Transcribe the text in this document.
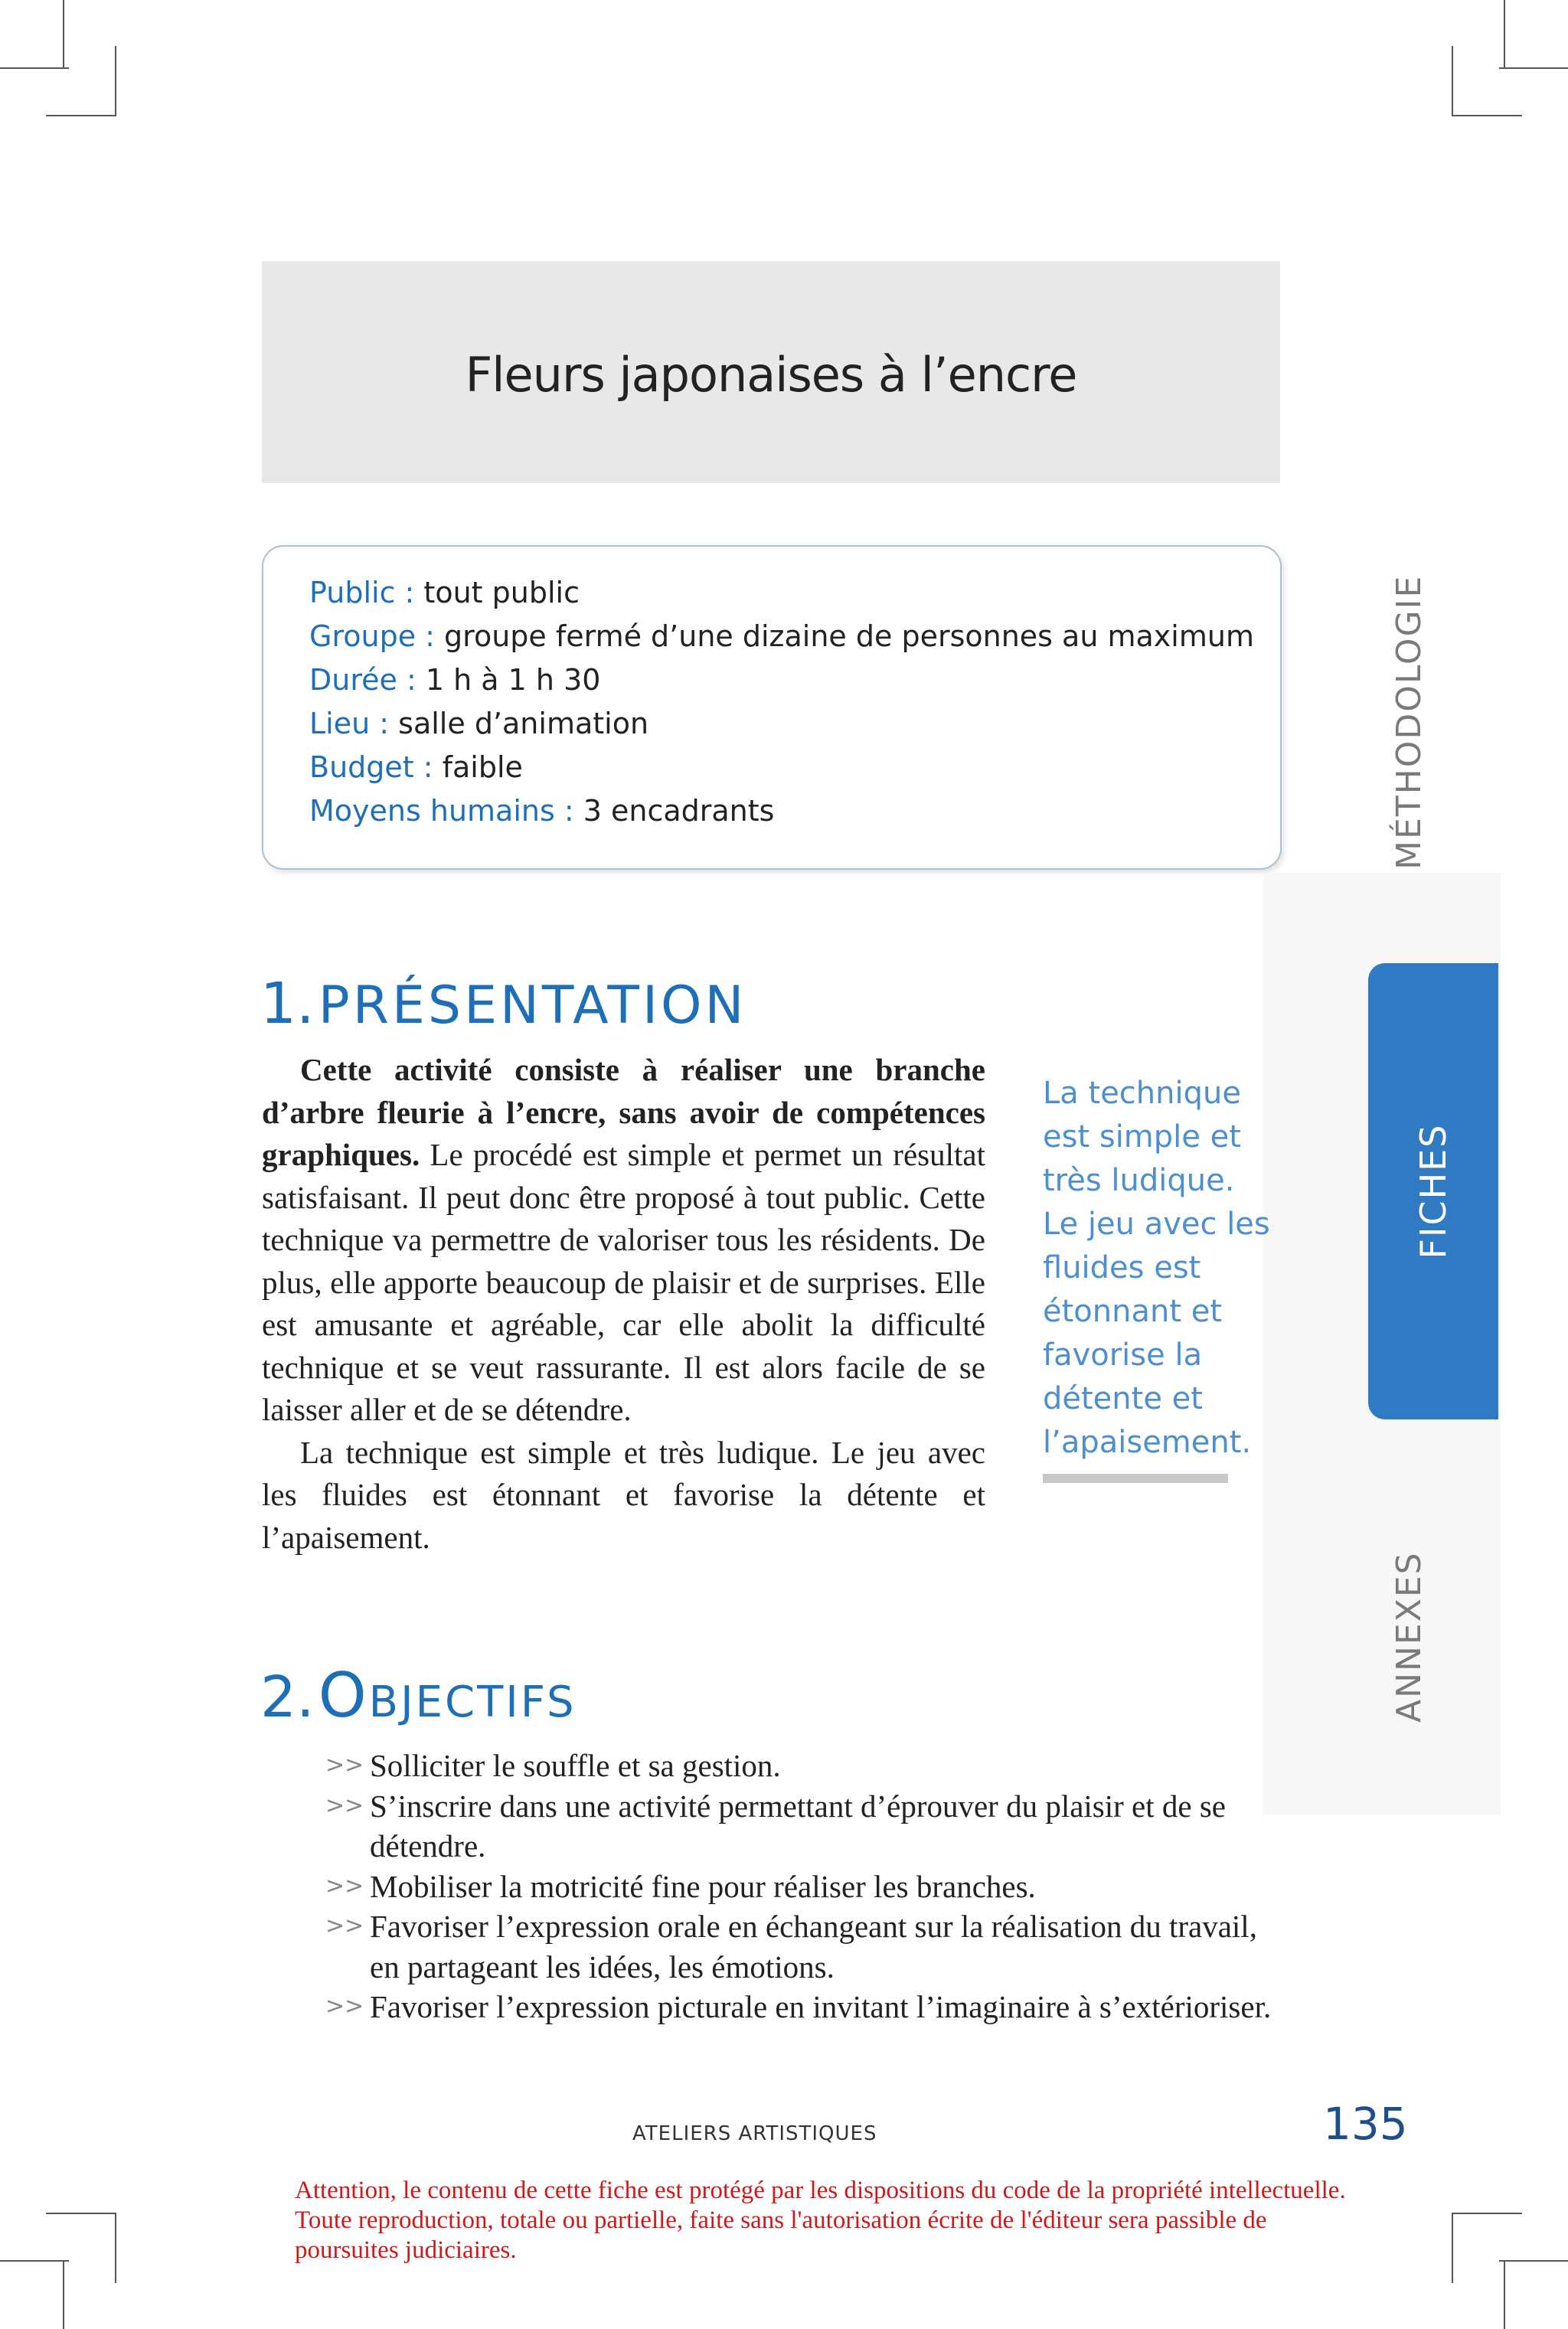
Fleurs japonaises à l’encre
Public : tout public
Groupe : groupe fermé d’une dizaine de personnes au maximum
Durée : 1 h à 1 h 30
Lieu : salle d’animation
Budget : faible
Moyens humains : 3 encadrants	MÉTHODOLOGIE
FICHES
ANNEXES
1. PRÉSENTATION

Cette activité consiste à réaliser une branche d’arbre fleurie à l’encre, sans avoir de compétences graphiques. Le procédé est simple et permet un résultat satisfaisant. Il peut donc être proposé à tout public. Cette technique va permettre de valoriser tous les résidents. De plus, elle apporte beaucoup de plaisir et de surprises. Elle est amusante et agréable, car elle abolit la difficulté technique et se veut rassurante. Il est alors facile de se laisser aller et de se détendre.

La technique est simple et très ludique. Le jeu avec les fluides est étonnant et favorise la détente et l’apaisement.

La technique est simple et très ludique. Le jeu avec les fluides est étonnant et favorise la détente et l’apaisement.
2. Objectifs
>> Solliciter le souffle et sa gestion.
>> S’inscrire dans une activité permettant d’éprouver du plaisir et de se détendre.
>> Mobiliser la motricité fine pour réaliser les branches.
>> Favoriser l’expression orale en échangeant sur la réalisation du travail, en partageant les idées, les émotions.
>> Favoriser l’expression picturale en invitant l’imaginaire à s’extérioriser.
ATELIERS ARTISTIQUES	135
Attention, le contenu de cette fiche est protégé par les dispositions du code de la propriété intellectuelle. Toute reproduction, totale ou partielle, faite sans l'autorisation écrite de l'éditeur sera passible de poursuites judiciaires.
